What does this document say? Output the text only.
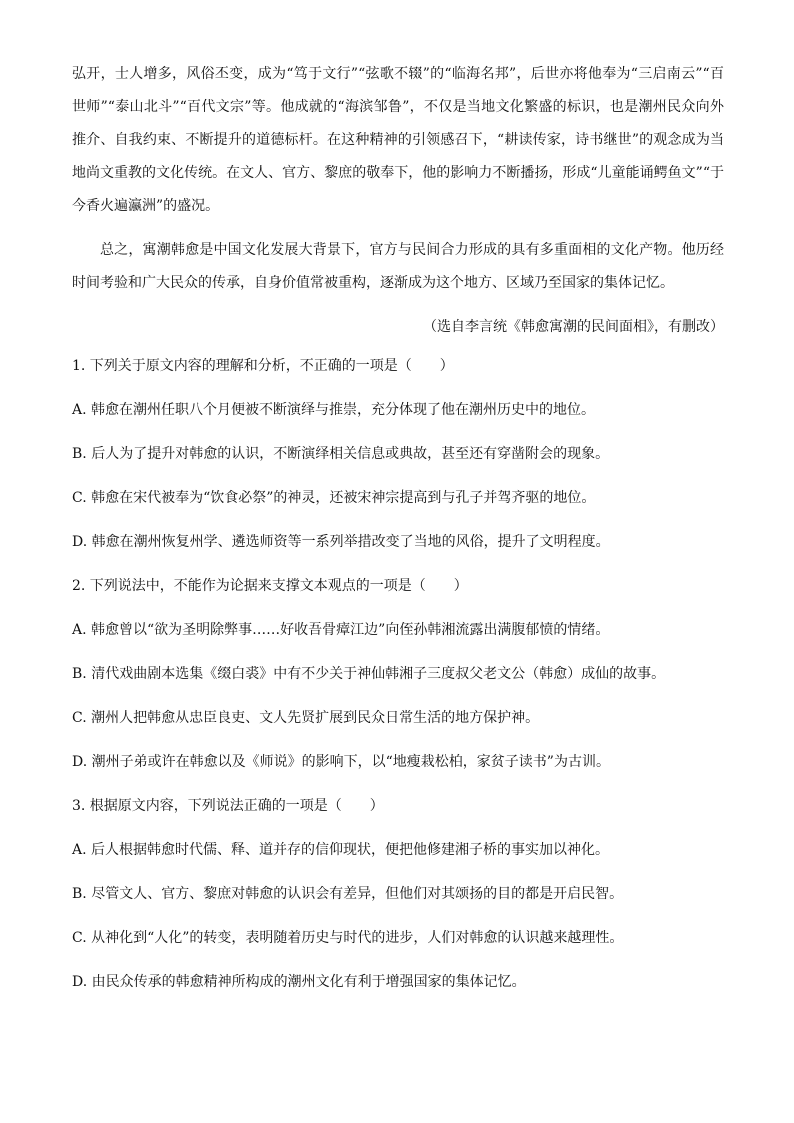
弘开，士人增多，风俗丕变，成为“笃于文行”“弦歌不辍”的“临海名邦”，后世亦将他奉为“三启南云”“百世师”“泰山北斗”“百代文宗”等。他成就的“海滨邹鲁”，不仅是当地文化繁盛的标识，也是潮州民众向外推介、自我约束、不断提升的道德标杆。在这种精神的引领感召下，“耕读传家，诗书继世”的观念成为当地尚文重教的文化传统。在文人、官方、黎庶的敬奉下，他的影响力不断播扬，形成“儿童能诵鳄鱼文”“于今香火遍瀛洲”的盛况。

总之，寓潮韩愈是中国文化发展大背景下，官方与民间合力形成的具有多重面相的文化产物。他历经时间考验和广大民众的传承，自身价值常被重构，逐渐成为这个地方、区域乃至国家的集体记忆。

（选自李言统《韩愈寓潮的民间面相》，有删改）

1. 下列关于原文内容的理解和分析，不正确的一项是（　　）

A. 韩愈在潮州任职八个月便被不断演绎与推崇，充分体现了他在潮州历史中的地位。

B. 后人为了提升对韩愈的认识，不断演绎相关信息或典故，甚至还有穿凿附会的现象。

C. 韩愈在宋代被奉为“饮食必祭”的神灵，还被宋神宗提高到与孔子并驾齐驱的地位。

D. 韩愈在潮州恢复州学、遴选师资等一系列举措改变了当地的风俗，提升了文明程度。

2. 下列说法中，不能作为论据来支撑文本观点的一项是（　　）

A. 韩愈曾以“欲为圣明除弊事……好收吾骨瘴江边”向侄孙韩湘流露出满腹郁愤的情绪。

B. 清代戏曲剧本选集《缀白裘》中有不少关于神仙韩湘子三度叔父老文公（韩愈）成仙的故事。

C. 潮州人把韩愈从忠臣良吏、文人先贤扩展到民众日常生活的地方保护神。

D. 潮州子弟或许在韩愈以及《师说》的影响下，以“地瘦栽松柏，家贫子读书”为古训。

3. 根据原文内容，下列说法正确的一项是（　　）

A. 后人根据韩愈时代儒、释、道并存的信仰现状，便把他修建湘子桥的事实加以神化。

B. 尽管文人、官方、黎庶对韩愈的认识会有差异，但他们对其颂扬的目的都是开启民智。

C. 从神化到“人化”的转变，表明随着历史与时代的进步，人们对韩愈的认识越来越理性。

D. 由民众传承的韩愈精神所构成的潮州文化有利于增强国家的集体记忆。
